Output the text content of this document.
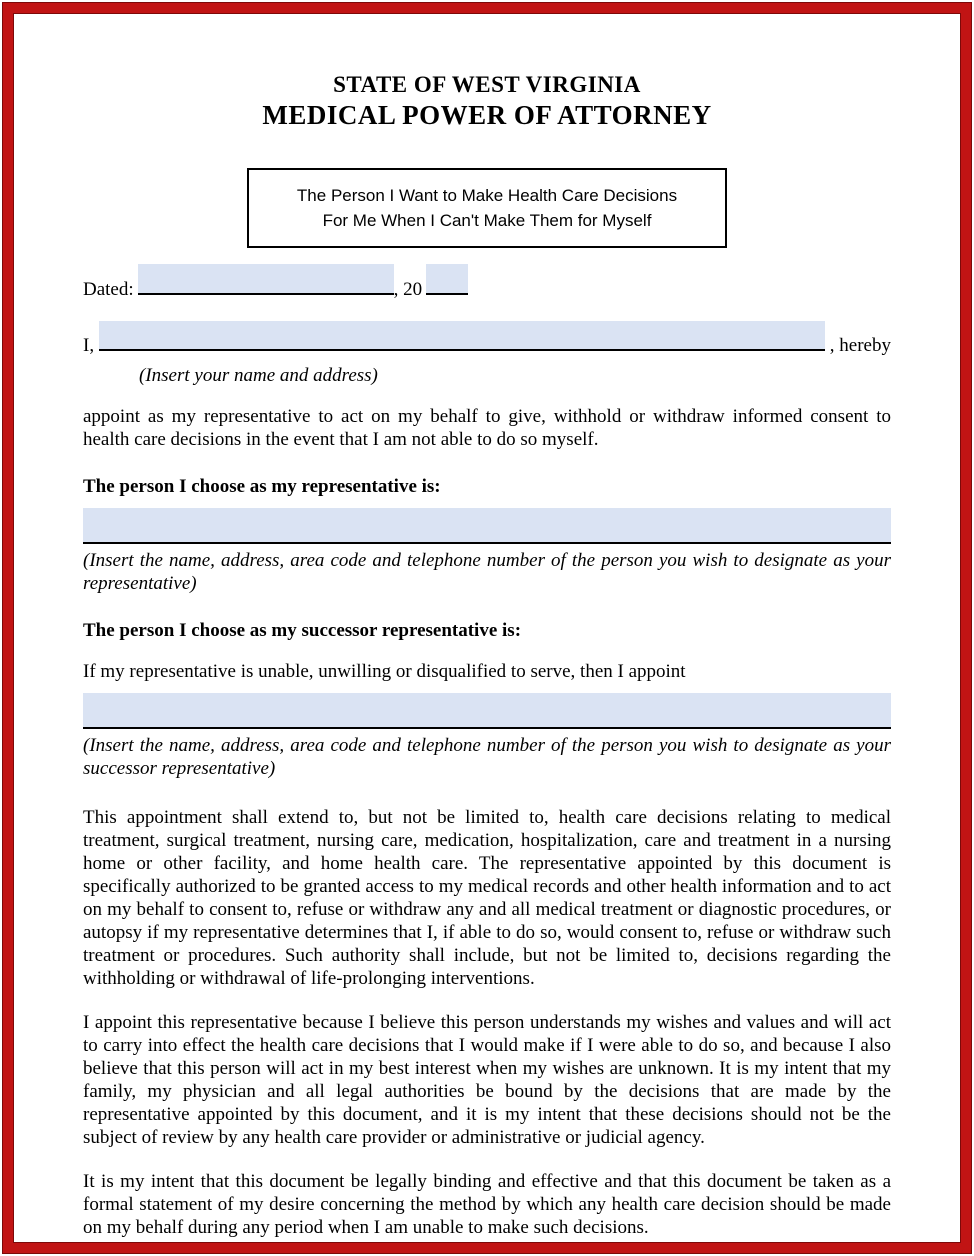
STATE OF WEST VIRGINIA
MEDICAL POWER OF ATTORNEY
The Person I Want to Make Health Care Decisions
For Me When I Can't Make Them for Myself
Dated:	, 20
I,	, hereby
(Insert your name and address)

appoint as my representative to act on my behalf to give, withhold or withdraw informed consent to health care decisions in the event that I am not able to do so myself.

The person I choose as my representative is:

(Insert the name, address, area code and telephone number of the person you wish to designate as your representative)

The person I choose as my successor representative is:

If my representative is unable, unwilling or disqualified to serve, then I appoint

(Insert the name, address, area code and telephone number of the person you wish to designate as your successor representative)

This appointment shall extend to, but not be limited to, health care decisions relating to medical treatment, surgical treatment, nursing care, medication, hospitalization, care and treatment in a nursing home or other facility, and home health care. The representative appointed by this document is specifically authorized to be granted access to my medical records and other health information and to act on my behalf to consent to, refuse or withdraw any and all medical treatment or diagnostic procedures, or autopsy if my representative determines that I, if able to do so, would consent to, refuse or withdraw such treatment or procedures. Such authority shall include, but not be limited to, decisions regarding the withholding or withdrawal of life-prolonging interventions.

I appoint this representative because I believe this person understands my wishes and values and will act to carry into effect the health care decisions that I would make if I were able to do so, and because I also believe that this person will act in my best interest when my wishes are unknown. It is my intent that my family, my physician and all legal authorities be bound by the decisions that are made by the representative appointed by this document, and it is my intent that these decisions should not be the subject of review by any health care provider or administrative or judicial agency.

It is my intent that this document be legally binding and effective and that this document be taken as a formal statement of my desire concerning the method by which any health care decision should be made on my behalf during any period when I am unable to make such decisions.
